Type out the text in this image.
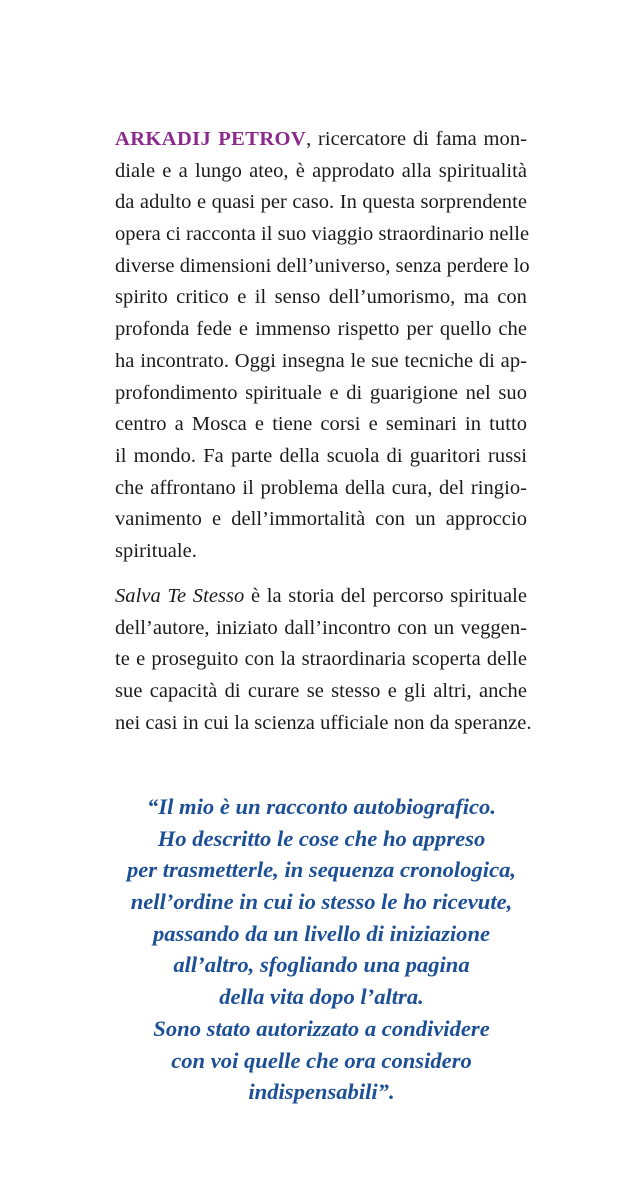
ARKADIJ PETROV, ricercatore di fama mon-
diale e a lungo ateo, è approdato alla spiritualità
da adulto e quasi per caso. In questa sorprendente
opera ci racconta il suo viaggio straordinario nelle
diverse dimensioni dell’universo, senza perdere lo
spirito critico e il senso dell’umorismo, ma con
profonda fede e immenso rispetto per quello che
ha incontrato. Oggi insegna le sue tecniche di ap-
profondimento spirituale e di guarigione nel suo
centro a Mosca e tiene corsi e seminari in tutto
il mondo. Fa parte della scuola di guaritori russi
che affrontano il problema della cura, del ringio-
vanimento e dell’immortalità con un approccio
spirituale.
Salva Te Stesso è la storia del percorso spirituale
dell’autore, iniziato dall’incontro con un veggen-
te e proseguito con la straordinaria scoperta delle
sue capacità di curare se stesso e gli altri, anche
nei casi in cui la scienza ufficiale non da speranze.
“Il mio è un racconto autobiografico.
Ho descritto le cose che ho appreso
per trasmetterle, in sequenza cronologica,
nell’ordine in cui io stesso le ho ricevute,
passando da un livello di iniziazione
all’altro, sfogliando una pagina
della vita dopo l’altra.
Sono stato autorizzato a condividere
con voi quelle che ora considero
indispensabili”.
